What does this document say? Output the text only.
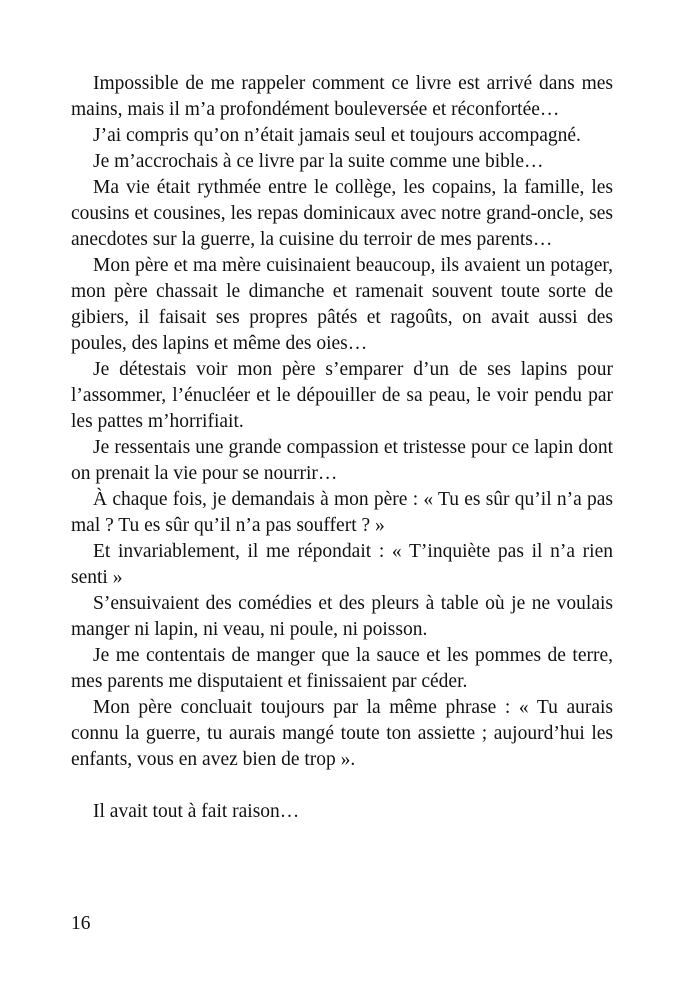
Impossible de me rappeler comment ce livre est arrivé dans mes mains, mais il m’a profondément bouleversée et réconfortée…

J’ai compris qu’on n’était jamais seul et toujours accompagné.

Je m’accrochais à ce livre par la suite comme une bible…

Ma vie était rythmée entre le collège, les copains, la famille, les cousins et cousines, les repas dominicaux avec notre grand-oncle, ses anecdotes sur la guerre, la cuisine du terroir de mes parents…

Mon père et ma mère cuisinaient beaucoup, ils avaient un potager, mon père chassait le dimanche et ramenait souvent toute sorte de gibiers, il faisait ses propres pâtés et ragoûts, on avait aussi des poules, des lapins et même des oies…

Je détestais voir mon père s’emparer d’un de ses lapins pour l’assommer, l’énucléer et le dépouiller de sa peau, le voir pendu par les pattes m’horrifiait.

Je ressentais une grande compassion et tristesse pour ce lapin dont on prenait la vie pour se nourrir…

À chaque fois, je demandais à mon père : « Tu es sûr qu’il n’a pas mal ? Tu es sûr qu’il n’a pas souffert ? »

Et invariablement, il me répondait : « T’inquiète pas il n’a rien senti »

S’ensuivaient des comédies et des pleurs à table où je ne voulais manger ni lapin, ni veau, ni poule, ni poisson.

Je me contentais de manger que la sauce et les pommes de terre, mes parents me disputaient et finissaient par céder.

Mon père concluait toujours par la même phrase : « Tu aurais connu la guerre, tu aurais mangé toute ton assiette ; aujourd’hui les enfants, vous en avez bien de trop ».

Il avait tout à fait raison…

16
